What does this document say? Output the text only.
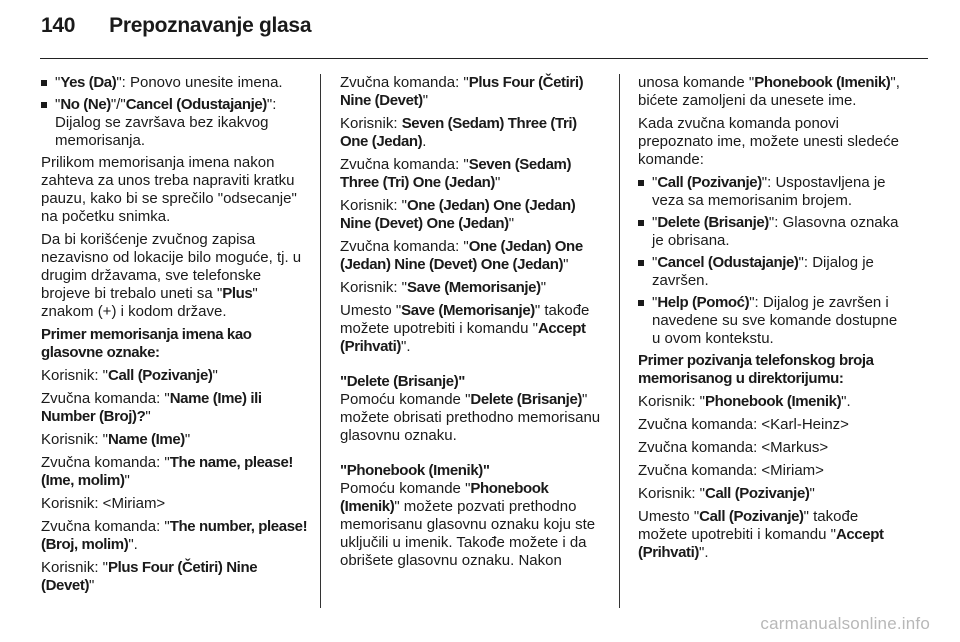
140 Prepoznavanje glasa
"Yes (Da)": Ponovo unesite imena.
"No (Ne)"/"Cancel (Odustajanje)": Dijalog se završava bez ikakvog memorisanja.

Prilikom memorisanja imena nakon zahteva za unos treba napraviti kratku pauzu, kako bi se sprečilo "odsecanje" na početku snimka.

Da bi korišćenje zvučnog zapisa nezavisno od lokacije bilo moguće, tj. u drugim državama, sve telefonske brojeve bi trebalo uneti sa "Plus" znakom (+) i kodom države.

Primer memorisanja imena kao glasovne oznake:

Korisnik: "Call (Pozivanje)"

Zvučna komanda: "Name (Ime) ili Number (Broj)?"

Korisnik: "Name (Ime)"

Zvučna komanda: "The name, please! (Ime, molim)"

Korisnik: <Miriam>

Zvučna komanda: "The number, please! (Broj, molim)".

Korisnik: "Plus Four (Četiri) Nine (Devet)"

Zvučna komanda: "Plus Four (Četiri) Nine (Devet)"

Korisnik: Seven (Sedam) Three (Tri) One (Jedan).

Zvučna komanda: "Seven (Sedam) Three (Tri) One (Jedan)"

Korisnik: "One (Jedan) One (Jedan) Nine (Devet) One (Jedan)"

Zvučna komanda: "One (Jedan) One (Jedan) Nine (Devet) One (Jedan)"

Korisnik: "Save (Memorisanje)"

Umesto "Save (Memorisanje)" takođe možete upotrebiti i komandu "Accept (Prihvati)".

"Delete (Brisanje)"

Pomoću komande "Delete (Brisanje)" možete obrisati prethodno memorisanu glasovnu oznaku.

"Phonebook (Imenik)"

Pomoću komande "Phonebook (Imenik)" možete pozvati prethodno memorisanu glasovnu oznaku koju ste uključili u imenik. Takođe možete i da obrišete glasovnu oznaku. Nakon

unosa komande "Phonebook (Imenik)", bićete zamoljeni da unesete ime.

Kada zvučna komanda ponovi prepoznato ime, možete unesti sledeće komande:

"Call (Pozivanje)": Uspostavljena je veza sa memorisanim brojem.
"Delete (Brisanje)": Glasovna oznaka je obrisana.
"Cancel (Odustajanje)": Dijalog je završen.
"Help (Pomoć)": Dijalog je završen i navedene su sve komande dostupne u ovom kontekstu.
Primer pozivanja telefonskog broja memorisanog u direktorijumu:

Korisnik: "Phonebook (Imenik)".

Zvučna komanda: <Karl-Heinz>

Zvučna komanda: <Markus>

Zvučna komanda: <Miriam>

Korisnik: "Call (Pozivanje)"

Umesto "Call (Pozivanje)" takođe možete upotrebiti i komandu "Accept (Prihvati)".

carmanualsonline.info
